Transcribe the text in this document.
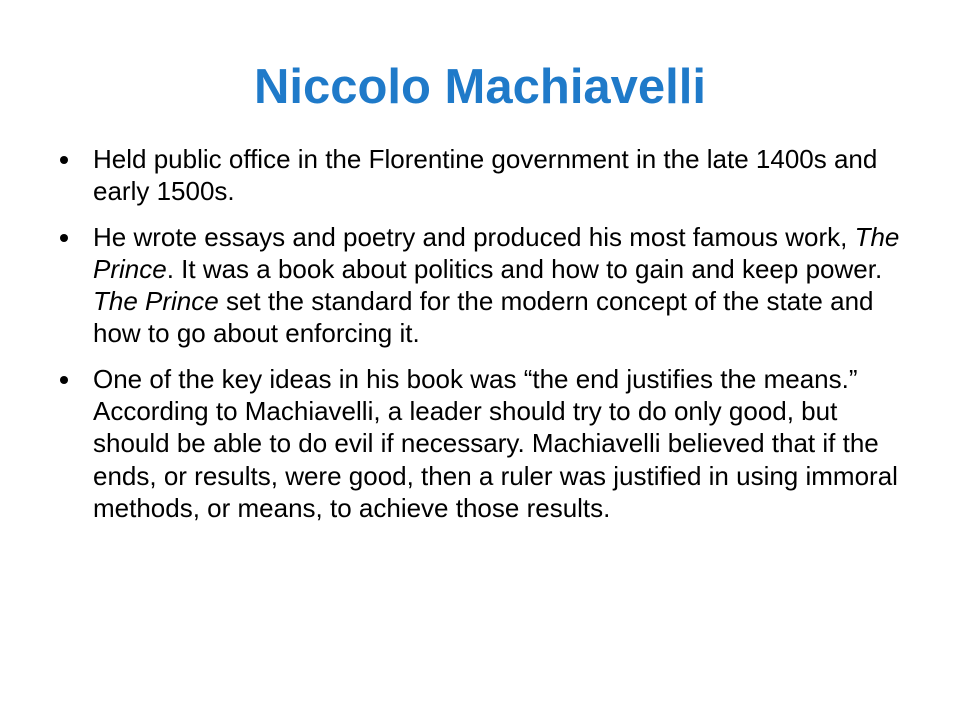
Niccolo Machiavelli
Held public office in the Florentine government in the late 1400s and early 1500s.
He wrote essays and poetry and produced his most famous work, The Prince. It was a book about politics and how to gain and keep power. The Prince set the standard for the modern concept of the state and how to go about enforcing it.
One of the key ideas in his book was “the end justifies the means.” According to Machiavelli, a leader should try to do only good, but should be able to do evil if necessary. Machiavelli believed that if the ends, or results, were good, then a ruler was justified in using immoral methods, or means, to achieve those results.
